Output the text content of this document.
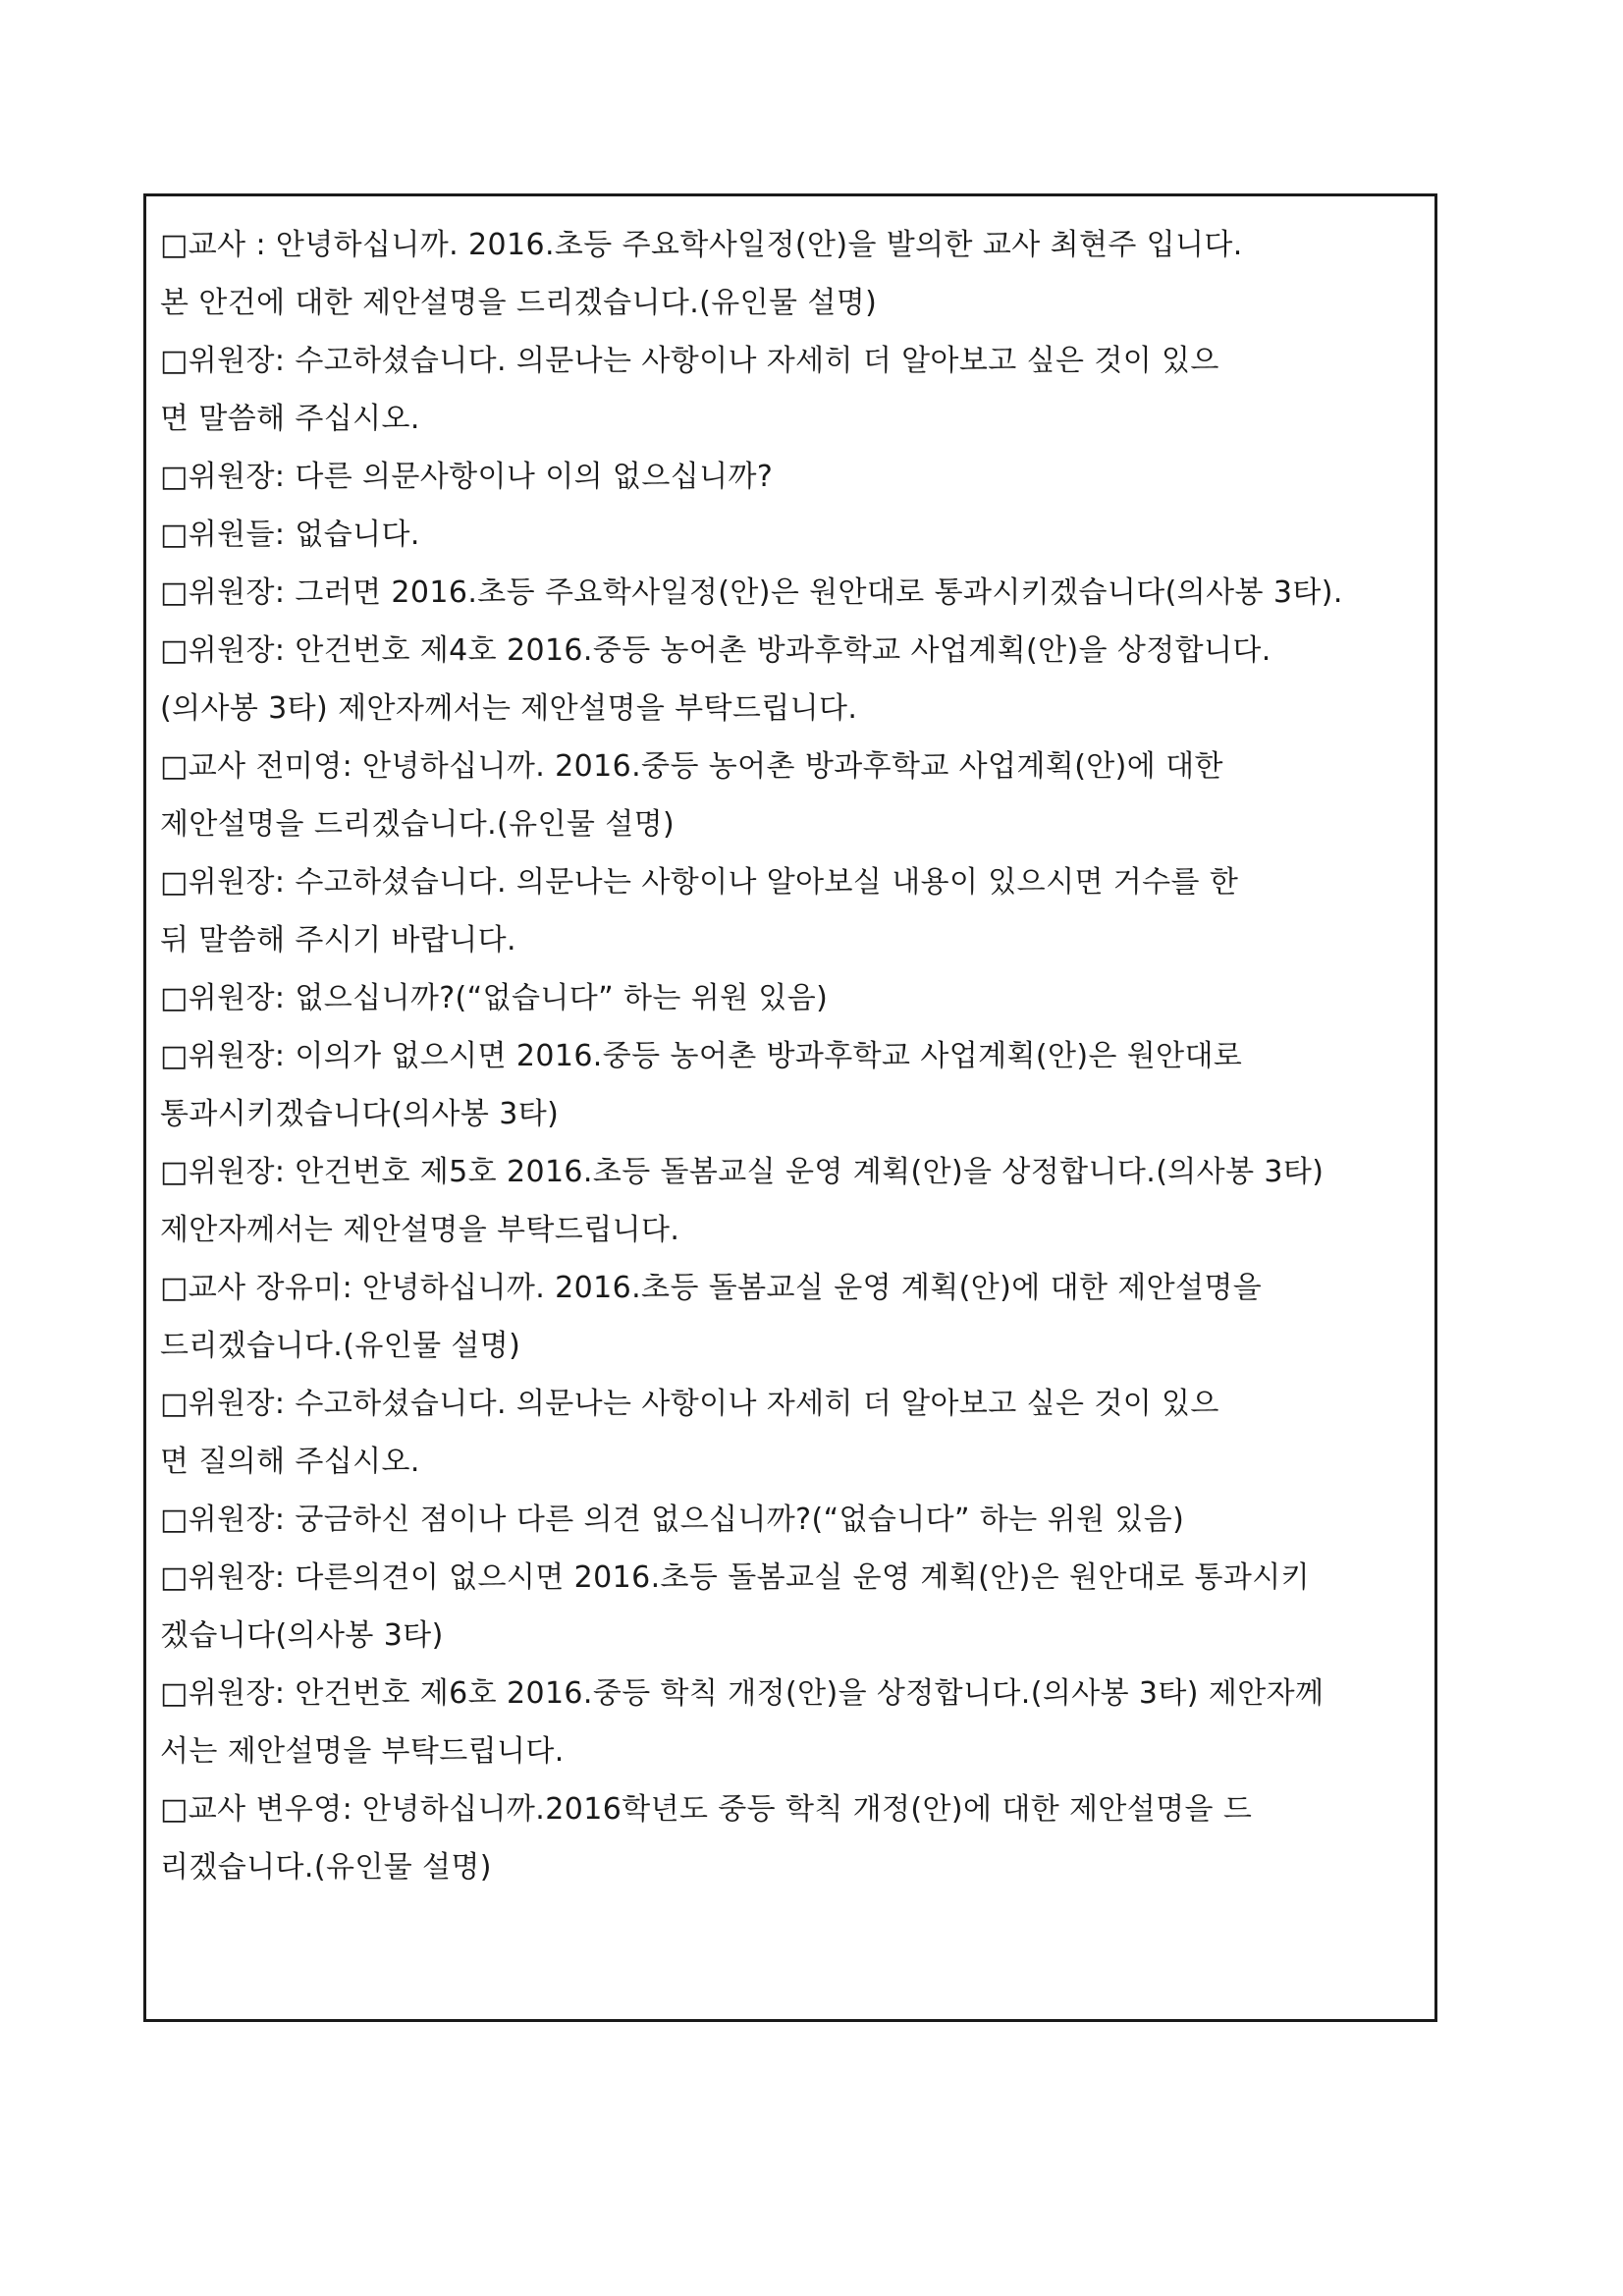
□교사 : 안녕하십니까. 2016.초등 주요학사일정(안)을 발의한 교사 최현주 입니다.
본 안건에 대한 제안설명을 드리겠습니다.(유인물 설명)
□위원장: 수고하셨습니다. 의문나는 사항이나 자세히 더 알아보고 싶은 것이 있으
면 말씀해 주십시오.
□위원장: 다른 의문사항이나 이의 없으십니까?
□위원들: 없습니다.
□위원장: 그러면 2016.초등 주요학사일정(안)은 원안대로 통과시키겠습니다(의사봉 3타).
□위원장: 안건번호 제4호 2016.중등 농어촌 방과후학교 사업계획(안)을 상정합니다.
(의사봉 3타) 제안자께서는 제안설명을 부탁드립니다.
□교사 전미영: 안녕하십니까. 2016.중등 농어촌 방과후학교 사업계획(안)에 대한
제안설명을 드리겠습니다.(유인물 설명)
□위원장: 수고하셨습니다. 의문나는 사항이나 알아보실 내용이 있으시면 거수를 한
뒤 말씀해 주시기 바랍니다.
□위원장: 없으십니까?(“없습니다” 하는 위원 있음)
□위원장: 이의가 없으시면 2016.중등 농어촌 방과후학교 사업계획(안)은 원안대로
통과시키겠습니다(의사봉 3타)
□위원장: 안건번호 제5호 2016.초등 돌봄교실 운영 계획(안)을 상정합니다.(의사봉 3타)
제안자께서는 제안설명을 부탁드립니다.
□교사 장유미: 안녕하십니까. 2016.초등 돌봄교실 운영 계획(안)에 대한 제안설명을
드리겠습니다.(유인물 설명)
□위원장: 수고하셨습니다. 의문나는 사항이나 자세히 더 알아보고 싶은 것이 있으
면 질의해 주십시오.
□위원장: 궁금하신 점이나 다른 의견 없으십니까?(“없습니다” 하는 위원 있음)
□위원장: 다른의견이 없으시면 2016.초등 돌봄교실 운영 계획(안)은 원안대로 통과시키
겠습니다(의사봉 3타)
□위원장: 안건번호 제6호 2016.중등 학칙 개정(안)을 상정합니다.(의사봉 3타) 제안자께
서는 제안설명을 부탁드립니다.
□교사 변우영: 안녕하십니까.2016학년도 중등 학칙 개정(안)에 대한 제안설명을 드
리겠습니다.(유인물 설명)
